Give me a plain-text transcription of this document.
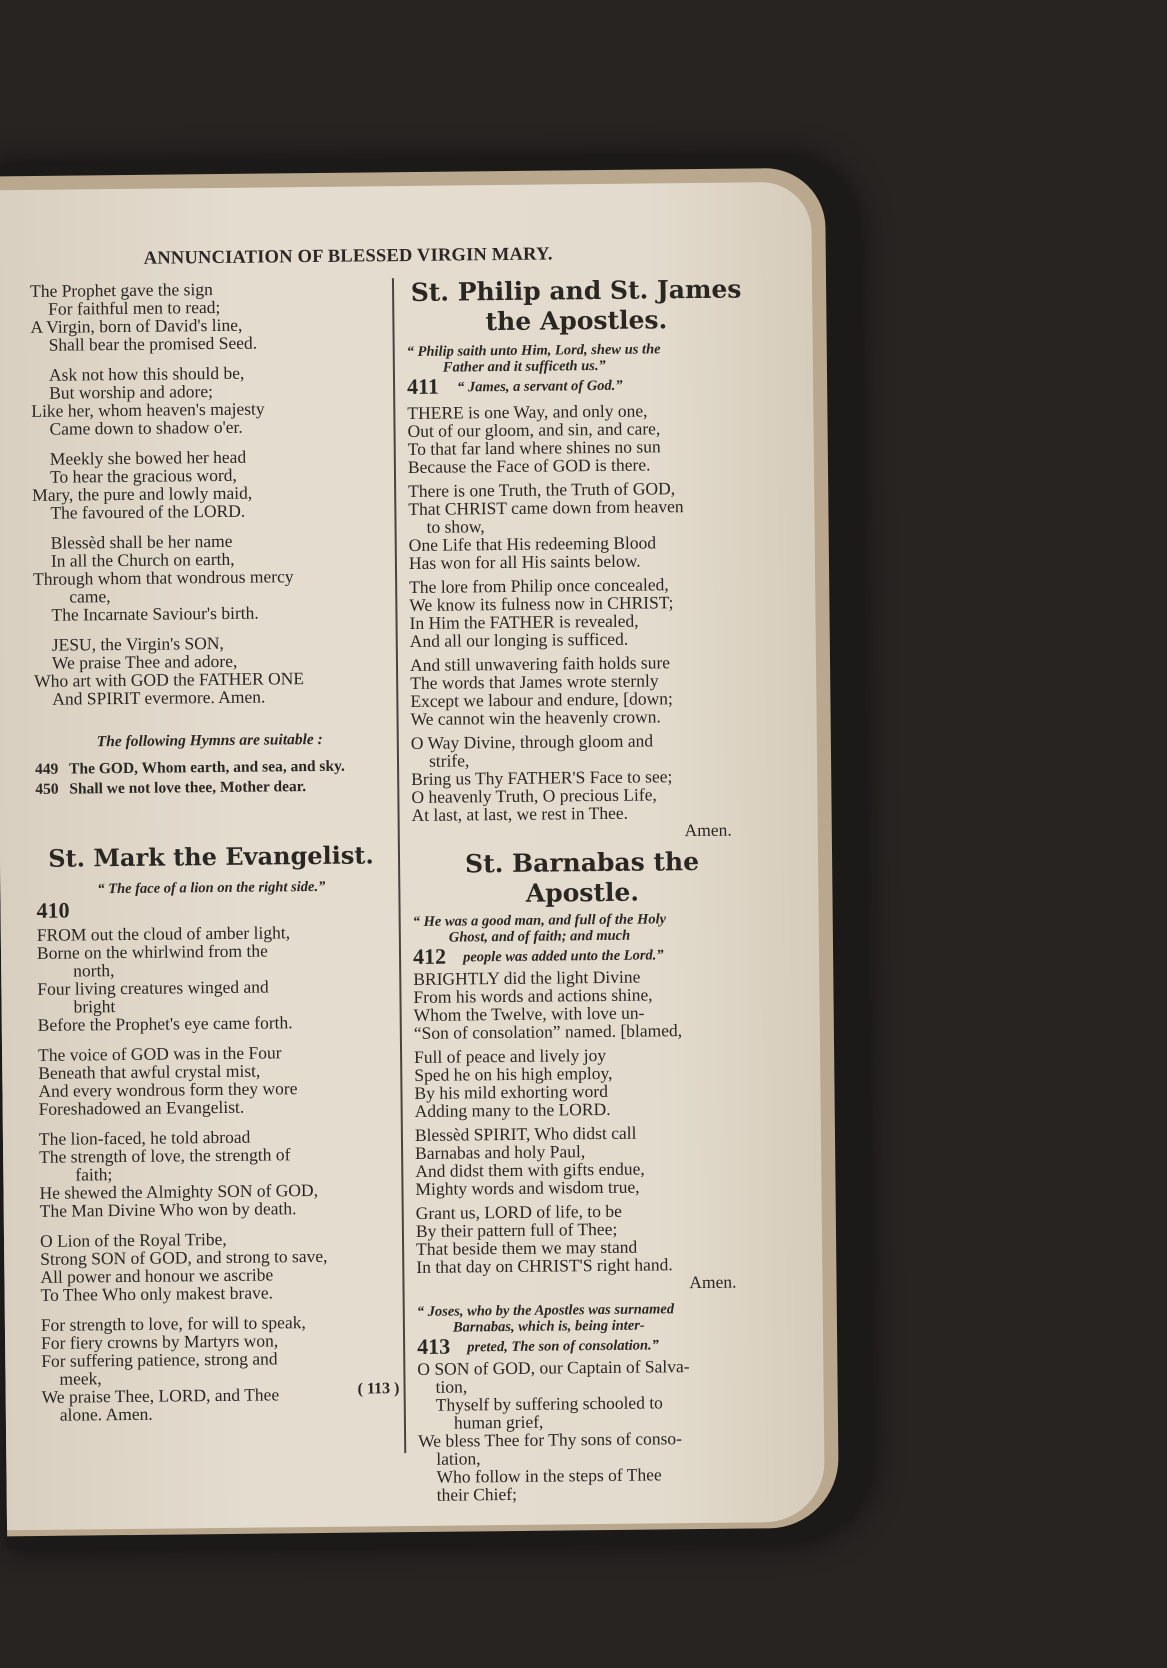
ANNUNCIATION OF BLESSED VIRGIN MARY.
The Prophet gave the sign
For faithful men to read;
A Virgin, born of David's line,
Shall bear the promised Seed.
Ask not how this should be,
But worship and adore;
Like her, whom heaven's majesty
Came down to shadow o'er.
Meekly she bowed her head
To hear the gracious word,
Mary, the pure and lowly maid,
The favoured of the LORD.
Blessèd shall be her name
In all the Church on earth,
Through whom that wondrous mercy
came,
The Incarnate Saviour's birth.
JESU, the Virgin's SON,
We praise Thee and adore,
Who art with GOD the FATHER ONE
And SPIRIT evermore. Amen.
The following Hymns are suitable :
449 The GOD, Whom earth, and sea, and sky.
450 Shall we not love thee, Mother dear.
St. Mark the Evangelist.
“ The face of a lion on the right side.”
410
FROM out the cloud of amber light,
Borne on the whirlwind from the
north,
Four living creatures winged and
bright
Before the Prophet's eye came forth.
The voice of GOD was in the Four
Beneath that awful crystal mist,
And every wondrous form they wore
Foreshadowed an Evangelist.
The lion-faced, he told abroad
The strength of love, the strength of
faith;
He shewed the Almighty SON of GOD,
The Man Divine Who won by death.
O Lion of the Royal Tribe,
Strong SON of GOD, and strong to save,
All power and honour we ascribe
To Thee Who only makest brave.
For strength to love, for will to speak,
For fiery crowns by Martyrs won,
For suffering patience, strong and
meek,
We praise Thee, LORD, and Thee
alone. Amen.
St. Philip and St. James
the Apostles.
“ Philip saith unto Him, Lord, shew us the
Father and it sufficeth us.”
411	“ James, a servant of God.”
THERE is one Way, and only one,
Out of our gloom, and sin, and care,
To that far land where shines no sun
Because the Face of GOD is there.
There is one Truth, the Truth of GOD,
That CHRIST came down from heaven
to show,
One Life that His redeeming Blood
Has won for all His saints below.
The lore from Philip once concealed,
We know its fulness now in CHRIST;
In Him the FATHER is revealed,
And all our longing is sufficed.
And still unwavering faith holds sure
The words that James wrote sternly
Except we labour and endure, [down;
We cannot win the heavenly crown.
O Way Divine, through gloom and
strife,
Bring us Thy FATHER'S Face to see;
O heavenly Truth, O precious Life,
At last, at last, we rest in Thee.
Amen.
St. Barnabas the Apostle.
“ He was a good man, and full of the Holy
Ghost, and of faith; and much
412	people was added unto the Lord.”
BRIGHTLY did the light Divine
From his words and actions shine,
Whom the Twelve, with love un-
“Son of consolation” named. [blamed,
Full of peace and lively joy
Sped he on his high employ,
By his mild exhorting word
Adding many to the LORD.
Blessèd SPIRIT, Who didst call
Barnabas and holy Paul,
And didst them with gifts endue,
Mighty words and wisdom true,
Grant us, LORD of life, to be
By their pattern full of Thee;
That beside them we may stand
In that day on CHRIST'S right hand.
Amen.
“ Joses, who by the Apostles was surnamed
Barnabas, which is, being inter-
413	preted, The son of consolation.”
O SON of GOD, our Captain of Salva-
tion,
Thyself by suffering schooled to
human grief,
We bless Thee for Thy sons of conso-
lation,
Who follow in the steps of Thee
their Chief;
( 113 )
